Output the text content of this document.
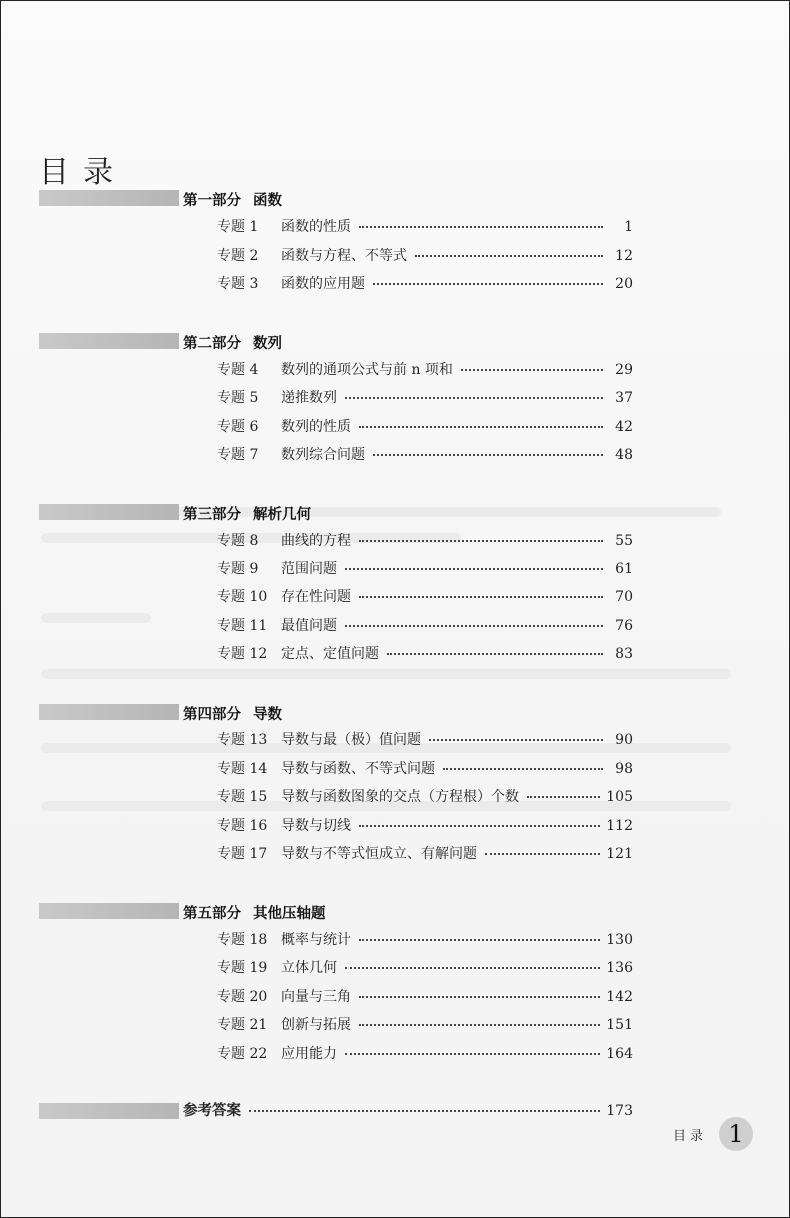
目录
第一部分 函数
专题 1	函数的性质	1
专题 2	函数与方程、不等式	12
专题 3	函数的应用题	20
第二部分 数列
专题 4	数列的通项公式与前 n 项和	29
专题 5	递推数列	37
专题 6	数列的性质	42
专题 7	数列综合问题	48
第三部分 解析几何
专题 8	曲线的方程	55
专题 9	范围问题	61
专题 10 存在性问题	70
专题 11 最值问题	76
专题 12 定点、定值问题	83
第四部分 导数
专题 13 导数与最（极）值问题	90
专题 14 导数与函数、不等式问题	98
专题 15 导数与函数图象的交点（方程根）个数	105
专题 16 导数与切线	112
专题 17 导数与不等式恒成立、有解问题	121
第五部分 其他压轴题
专题 18 概率与统计	130
专题 19 立体几何	136
专题 20 向量与三角	142
专题 21 创新与拓展	151
专题 22 应用能力	164
参考答案	173
目录 1
